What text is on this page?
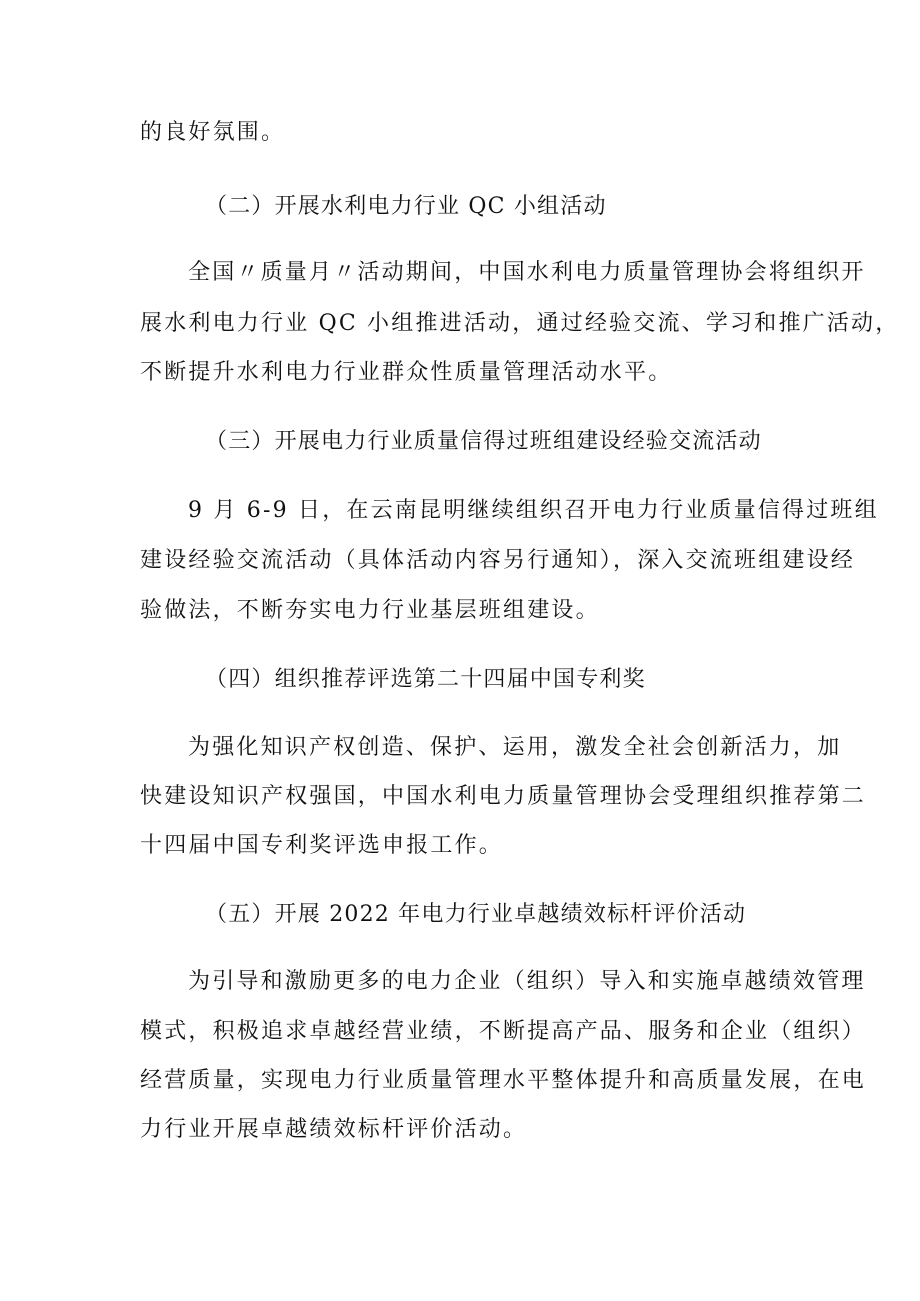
的良好氛围。
（二）开展水利电力行业 QC 小组活动
全国〃质量月〃活动期间，中国水利电力质量管理协会将组织开
展水利电力行业 QC 小组推进活动，通过经验交流、学习和推广活动，
不断提升水利电力行业群众性质量管理活动水平。
（三）开展电力行业质量信得过班组建设经验交流活动
9 月 6-9 日，在云南昆明继续组织召开电力行业质量信得过班组
建设经验交流活动（具体活动内容另行通知），深入交流班组建设经
验做法，不断夯实电力行业基层班组建设。
（四）组织推荐评选第二十四届中国专利奖
为强化知识产权创造、保护、运用，激发全社会创新活力，加
快建设知识产权强国，中国水利电力质量管理协会受理组织推荐第二
十四届中国专利奖评选申报工作。
（五）开展 2022 年电力行业卓越绩效标杆评价活动
为引导和激励更多的电力企业（组织）导入和实施卓越绩效管理
模式，积极追求卓越经营业绩，不断提高产品、服务和企业（组织）
经营质量，实现电力行业质量管理水平整体提升和高质量发展，在电
力行业开展卓越绩效标杆评价活动。
